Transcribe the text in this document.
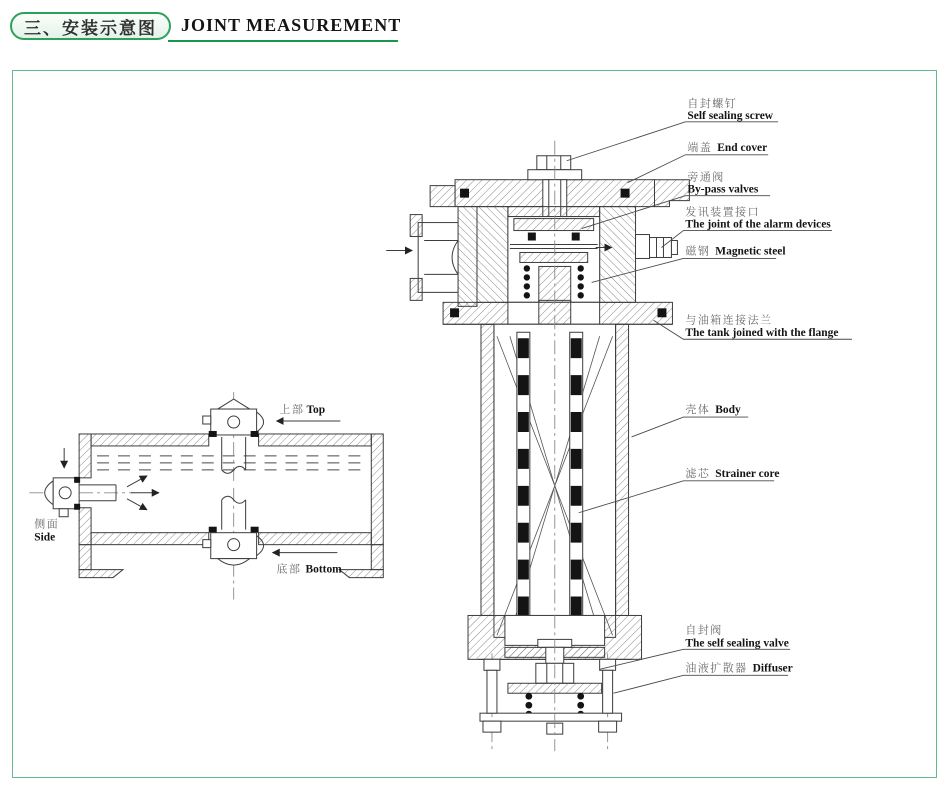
三、安装示意图 JOINT MEASUREMENT
上部 Top
底部 Bottom
侧面
Side
自封螺钉
Self sealing screw
端盖 End cover
旁通阀
By-pass valves
发讯装置接口
The joint of the alarm devices
磁钢 Magnetic steel
与油箱连接法兰
The tank joined with the flange
壳体 Body
滤芯 Strainer core
自封阀
The self sealing valve
油液扩散器 Diffuser
